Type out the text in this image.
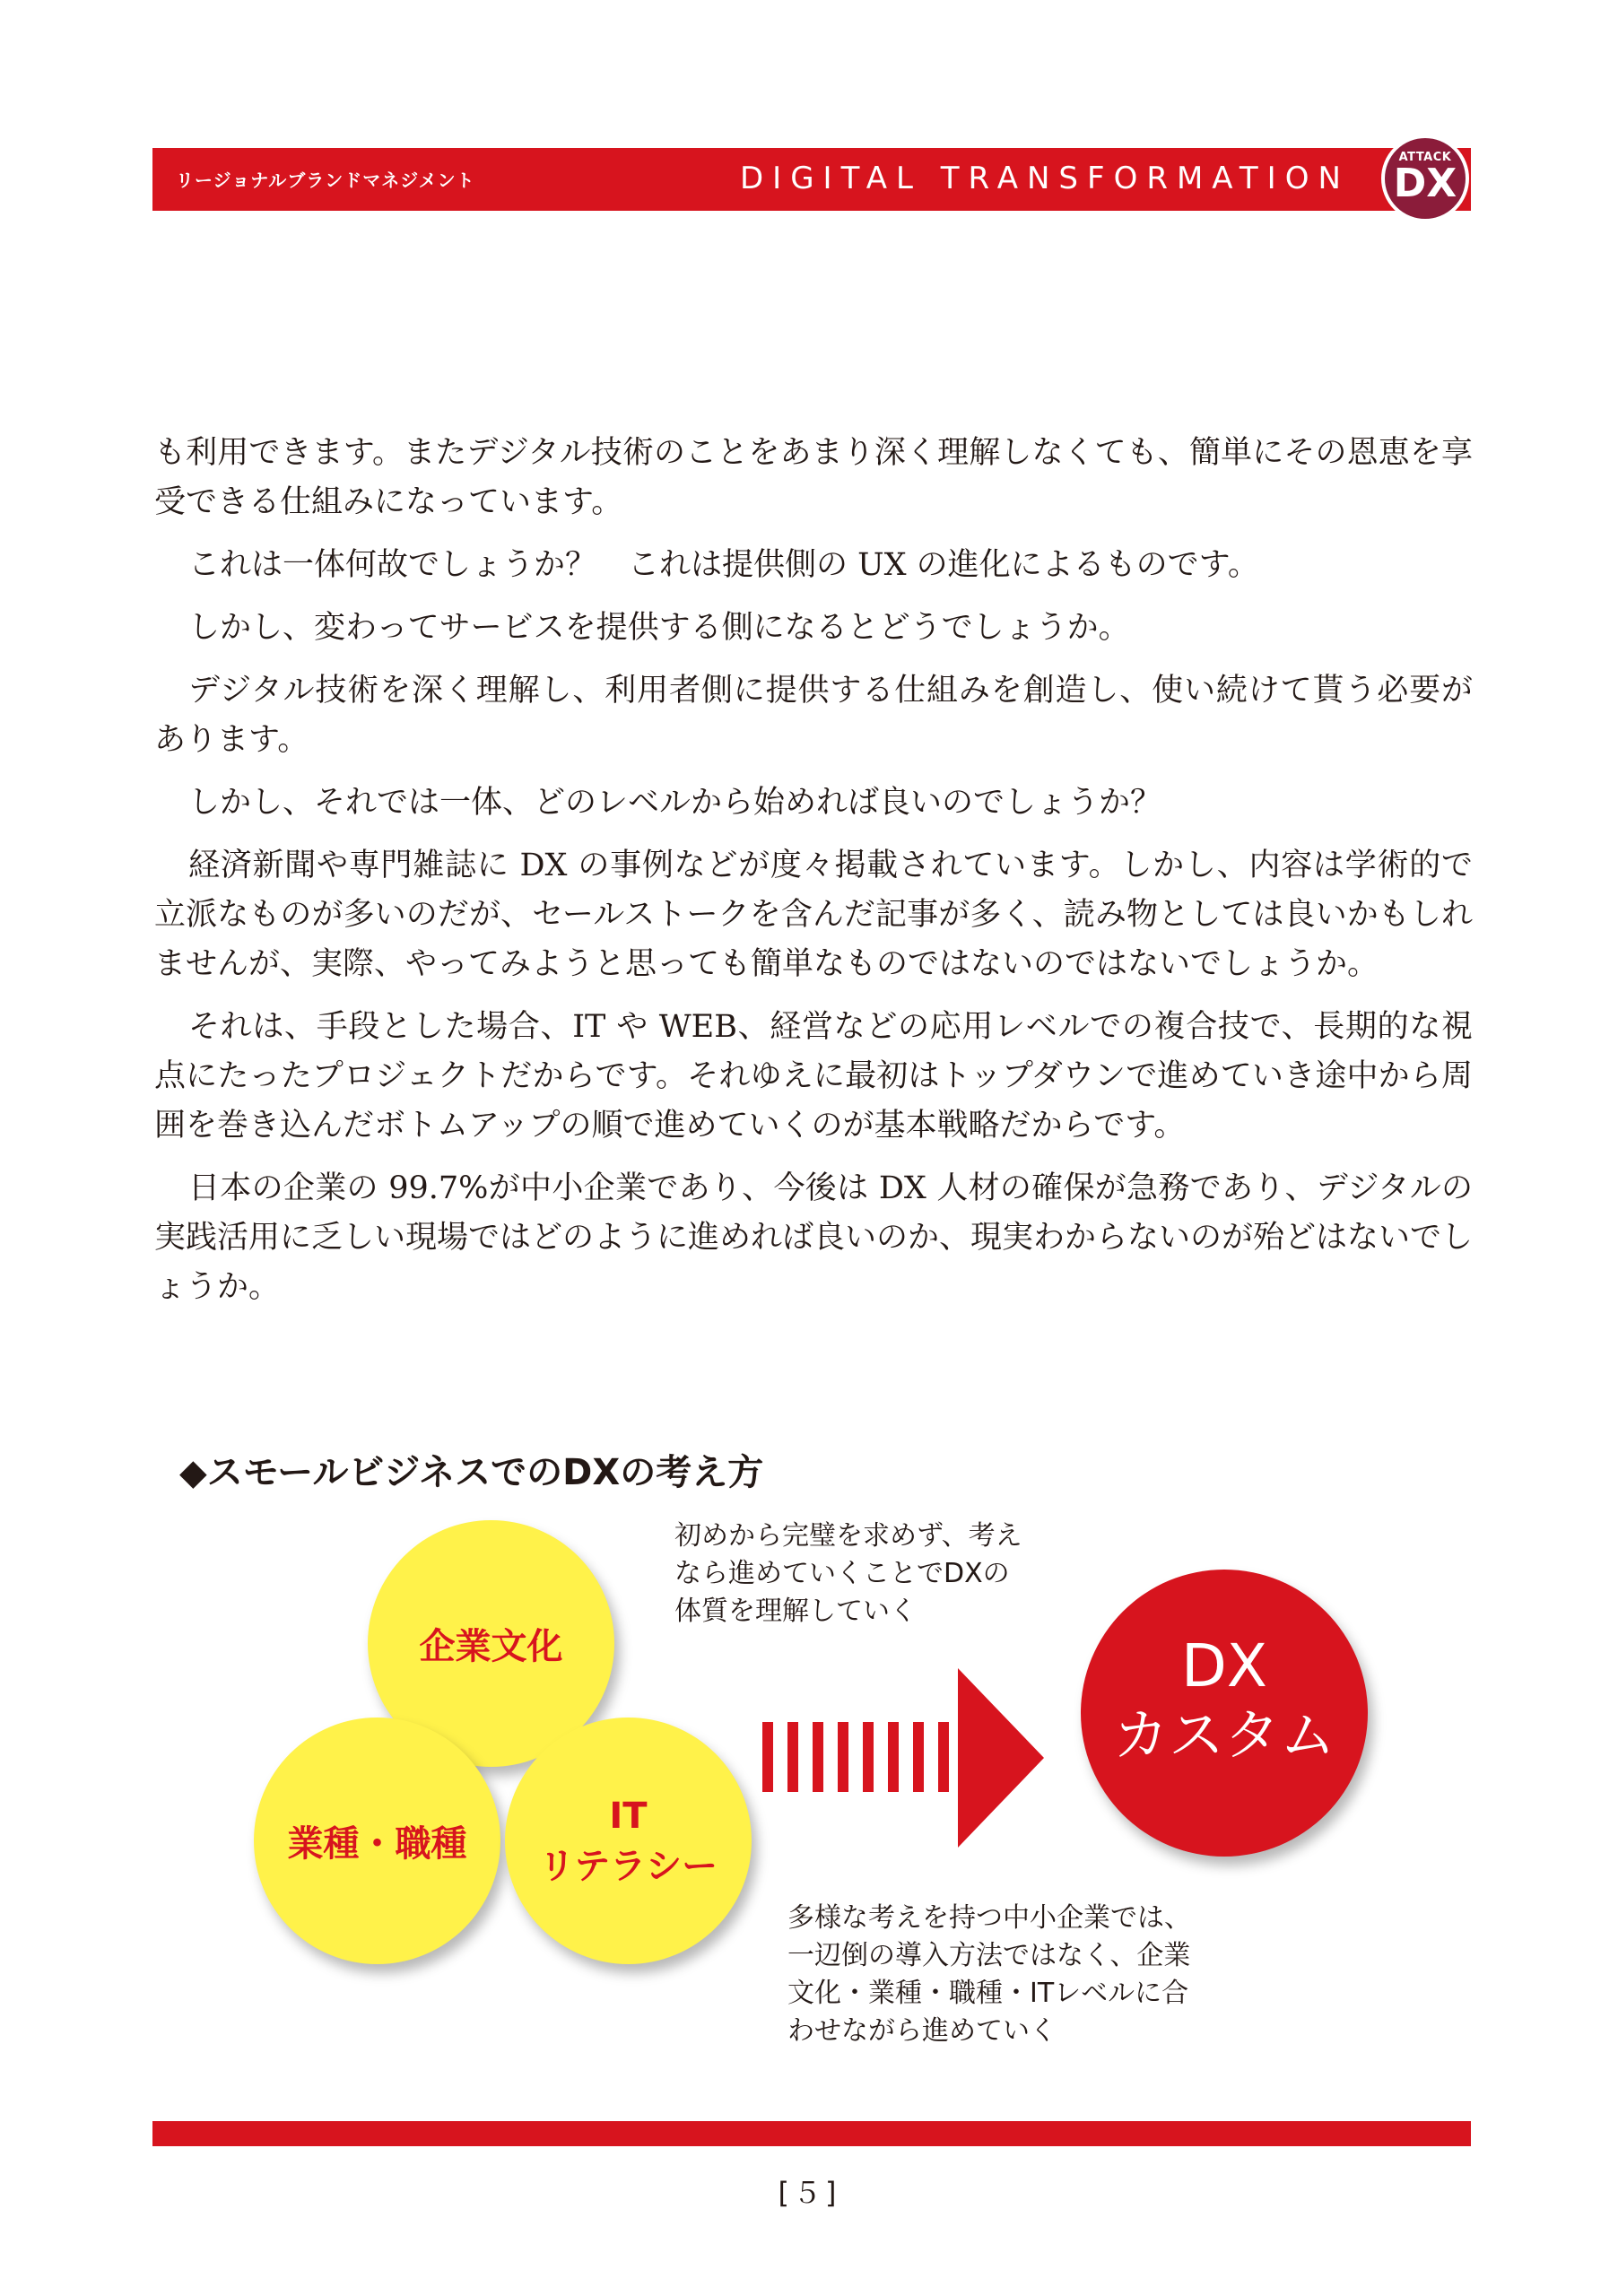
リージョナルブランドマネジメント	DIGITAL TRANSFORMATION
ATTACK
DX

も利用できます。またデジタル技術のことをあまり深く理解しなくても、簡単にその恩恵を享受できる仕組みになっています。

これは一体何故でしょうか？　これは提供側の UX の進化によるものです。

しかし、変わってサービスを提供する側になるとどうでしょうか。

デジタル技術を深く理解し、利用者側に提供する仕組みを創造し、使い続けて貰う必要があります。

しかし、それでは一体、どのレベルから始めれば良いのでしょうか？

経済新聞や専門雑誌に DX の事例などが度々掲載されています。しかし、内容は学術的で立派なものが多いのだが、セールストークを含んだ記事が多く、読み物としては良いかもしれませんが、実際、やってみようと思っても簡単なものではないのではないでしょうか。

それは、手段とした場合、IT や WEB、経営などの応用レベルでの複合技で、長期的な視点にたったプロジェクトだからです。それゆえに最初はトップダウンで進めていき途中から周囲を巻き込んだボトムアップの順で進めていくのが基本戦略だからです。

日本の企業の 99.7%が中小企業であり、今後は DX 人材の確保が急務であり、デジタルの実践活用に乏しい現場ではどのように進めれば良いのか、現実わからないのが殆どはないでしょうか。

◆スモールビジネスでのDXの考え方
初めから完璧を求めず、考え
なら進めていくことでDXの
体質を理解していく
企業文化
業種・職種
IT
リテラシー
DX
カスタム
多様な考えを持つ中小企業では、
一辺倒の導入方法ではなく、企業
文化・業種・職種・ITレベルに合
わせながら進めていく
[５]
